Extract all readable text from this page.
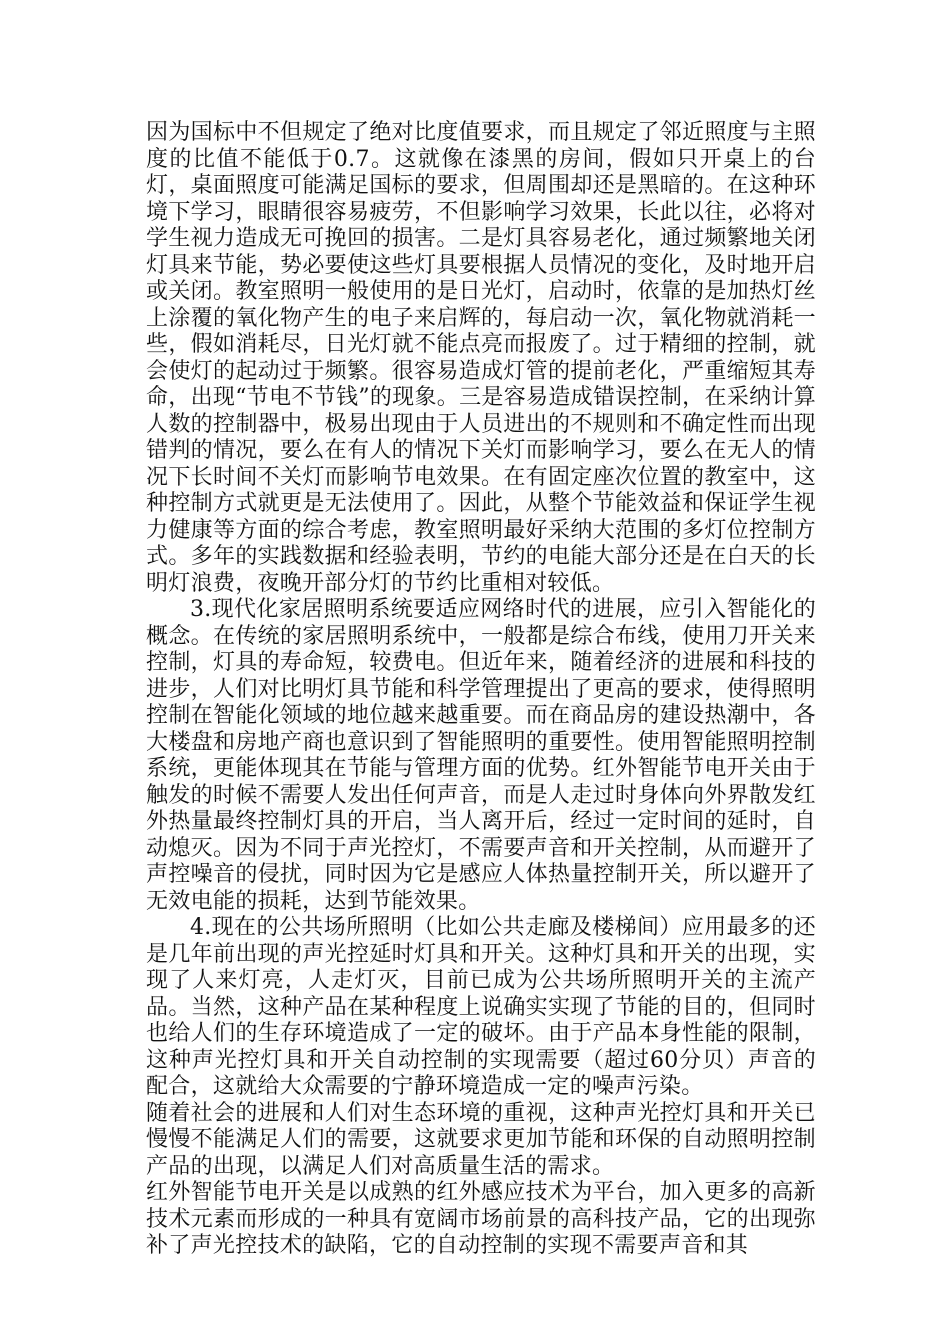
因为国标中不但规定了绝对比度值要求，而且规定了邻近照度与主照度的比值不能低于0.7。这就像在漆黑的房间，假如只开桌上的台灯，桌面照度可能满足国标的要求，但周围却还是黑暗的。在这种环境下学习，眼睛很容易疲劳，不但影响学习效果，长此以往，必将对学生视力造成无可挽回的损害。二是灯具容易老化，通过频繁地关闭灯具来节能，势必要使这些灯具要根据人员情况的变化，及时地开启或关闭。教室照明一般使用的是日光灯，启动时，依靠的是加热灯丝上涂覆的氧化物产生的电子来启辉的，每启动一次，氧化物就消耗一些，假如消耗尽，日光灯就不能点亮而报废了。过于精细的控制，就会使灯的起动过于频繁。很容易造成灯管的提前老化，严重缩短其寿命，出现“节电不节钱”的现象。三是容易造成错误控制，在采纳计算人数的控制器中，极易出现由于人员进出的不规则和不确定性而出现错判的情况，要么在有人的情况下关灯而影响学习，要么在无人的情况下长时间不关灯而影响节电效果。在有固定座次位置的教室中，这种控制方式就更是无法使用了。因此，从整个节能效益和保证学生视力健康等方面的综合考虑，教室照明最好采纳大范围的多灯位控制方式。多年的实践数据和经验表明，节约的电能大部分还是在白天的长明灯浪费，夜晚开部分灯的节约比重相对较低。

3.现代化家居照明系统要适应网络时代的进展，应引入智能化的概念。在传统的家居照明系统中，一般都是综合布线，使用刀开关来控制，灯具的寿命短，较费电。但近年来，随着经济的进展和科技的进步，人们对比明灯具节能和科学管理提出了更高的要求，使得照明控制在智能化领域的地位越来越重要。而在商品房的建设热潮中，各大楼盘和房地产商也意识到了智能照明的重要性。使用智能照明控制系统，更能体现其在节能与管理方面的优势。红外智能节电开关由于触发的时候不需要人发出任何声音，而是人走过时身体向外界散发红外热量最终控制灯具的开启，当人离开后，经过一定时间的延时，自动熄灭。因为不同于声光控灯，不需要声音和开关控制，从而避开了声控噪音的侵扰，同时因为它是感应人体热量控制开关，所以避开了无效电能的损耗，达到节能效果。

4.现在的公共场所照明（比如公共走廊及楼梯间）应用最多的还是几年前出现的声光控延时灯具和开关。这种灯具和开关的出现，实现了人来灯亮，人走灯灭，目前已成为公共场所照明开关的主流产品。当然，这种产品在某种程度上说确实实现了节能的目的，但同时也给人们的生存环境造成了一定的破坏。由于产品本身性能的限制，这种声光控灯具和开关自动控制的实现需要（超过60分贝）声音的配合，这就给大众需要的宁静环境造成一定的噪声污染。

随着社会的进展和人们对生态环境的重视，这种声光控灯具和开关已慢慢不能满足人们的需要，这就要求更加节能和环保的自动照明控制产品的出现，以满足人们对高质量生活的需求。

红外智能节电开关是以成熟的红外感应技术为平台，加入更多的高新技术元素而形成的一种具有宽阔市场前景的高科技产品，它的出现弥补了声光控技术的缺陷，它的自动控制的实现不需要声音和其
